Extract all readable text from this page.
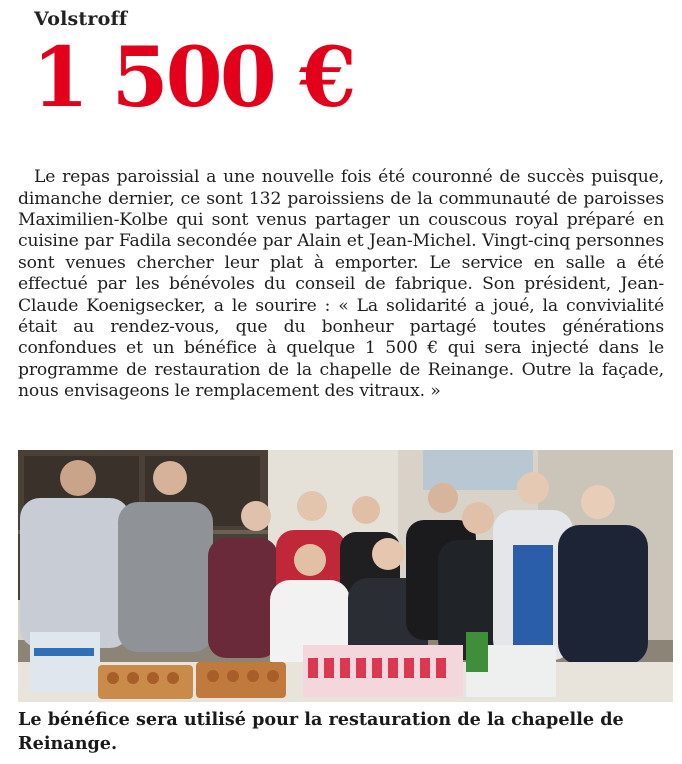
Volstroff
1 500 €

Le repas paroissial a une nouvelle fois été couronné de succès puisque, dimanche dernier, ce sont 132 paroissiens de la communauté de paroisses Maximilien-Kolbe qui sont venus partager un couscous royal préparé en cuisine par Fadila secondée par Alain et Jean-Michel. Vingt-cinq personnes sont venues chercher leur plat à emporter. Le service en salle a été effectué par les bénévoles du conseil de fabrique. Son président, Jean-Claude Koenigsecker, a le sourire : « La solidarité a joué, la convivialité était au rendez-vous, que du bonheur partagé toutes générations confondues et un bénéfice à quelque 1 500 € qui sera injecté dans le programme de restauration de la chapelle de Reinange. Outre la façade, nous envisageons le remplacement des vitraux. »

Le bénéfice sera utilisé pour la restauration de la chapelle de Reinange.
